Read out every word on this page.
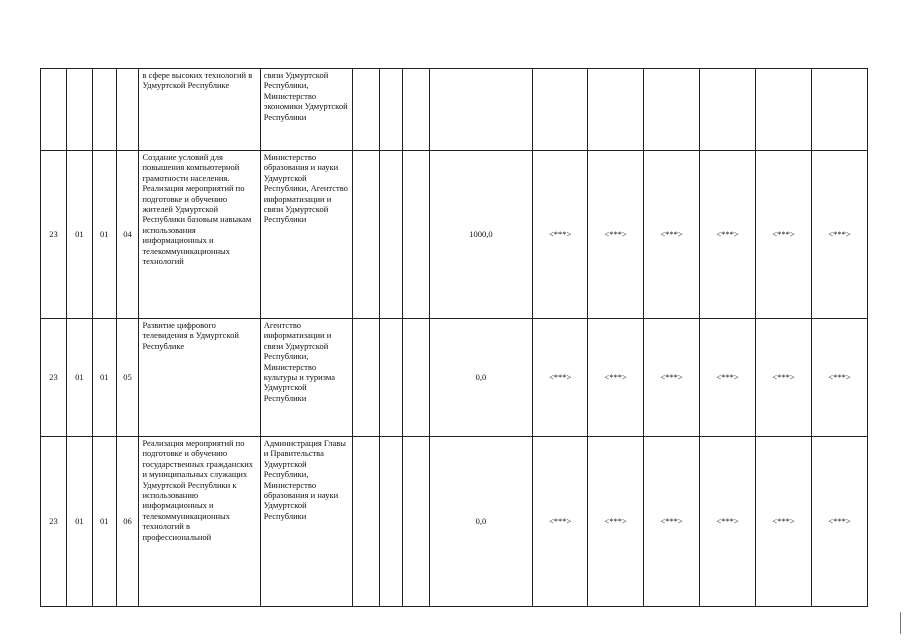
				в сфере высоких технологий в Удмуртской Республике	связи Удмуртской Республики, Министерство экономики Удмуртской Республики										
23	01	01	04	Создание условий для повышения компьютерной грамотности населения. Реализация мероприятий по подготовке и обучению жителей Удмуртской Республики базовым навыкам использования информационных и телекоммуникационных технологий	Министерство образования и науки Удмуртской Республики, Агентство информатизации и связи Удмуртской Республики				1000,0	<***>	<***>	<***>	<***>	<***>	<***>
23	01	01	05	Развитие цифрового телевидения в Удмуртской Республике	Агентство информатизации и связи Удмуртской Республики, Министерство культуры и туризма Удмуртской Республики				0,0	<***>	<***>	<***>	<***>	<***>	<***>
23	01	01	06	Реализация мероприятий по подготовке и обучению государственных гражданских и муниципальных служащих Удмуртской Республики к использованию информационных и телекоммуникационных технологий в профессиональной	Администрация Главы и Правительства Удмуртской Республики, Министерство образования и науки Удмуртской Республики				0,0	<***>	<***>	<***>	<***>	<***>	<***>
